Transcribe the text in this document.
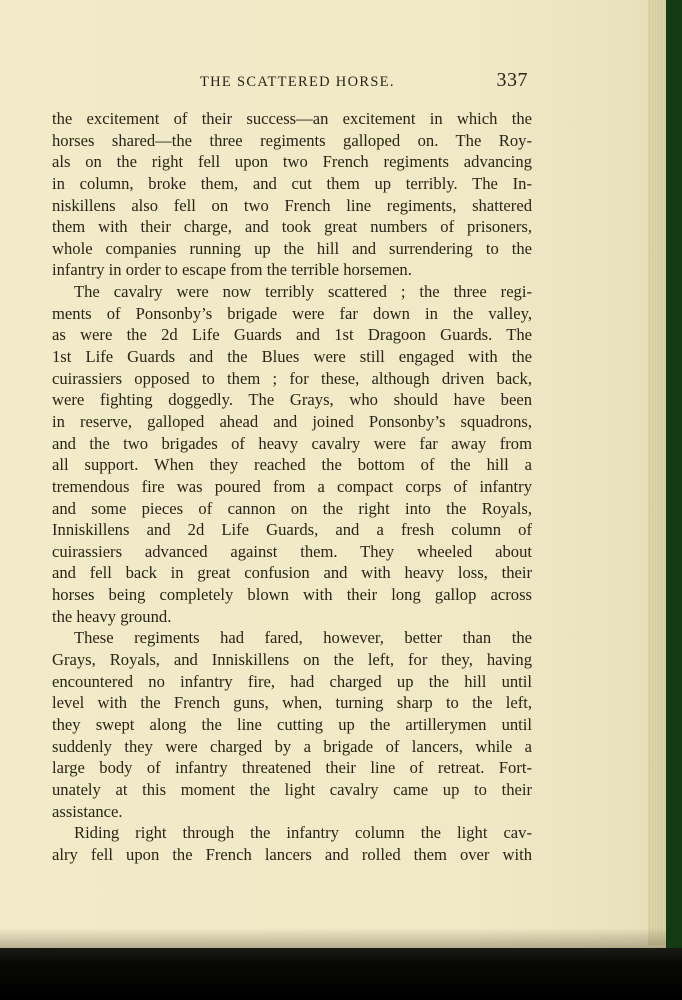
THE SCATTERED HORSE.	337
the excitement of their success—an excitement in which the
horses shared—the three regiments galloped on. The Roy-
als on the right fell upon two French regiments advancing
in column, broke them, and cut them up terribly. The In-
niskillens also fell on two French line regiments, shattered
them with their charge, and took great numbers of prisoners,
whole companies running up the hill and surrendering to the
infantry in order to escape from the terrible horsemen.
The cavalry were now terribly scattered ; the three regi-
ments of Ponsonby’s brigade were far down in the valley,
as were the 2d Life Guards and 1st Dragoon Guards. The
1st Life Guards and the Blues were still engaged with the
cuirassiers opposed to them ; for these, although driven back,
were fighting doggedly. The Grays, who should have been
in reserve, galloped ahead and joined Ponsonby’s squadrons,
and the two brigades of heavy cavalry were far away from
all support. When they reached the bottom of the hill a
tremendous fire was poured from a compact corps of infantry
and some pieces of cannon on the right into the Royals,
Inniskillens and 2d Life Guards, and a fresh column of
cuirassiers advanced against them. They wheeled about
and fell back in great confusion and with heavy loss, their
horses being completely blown with their long gallop across
the heavy ground.
These regiments had fared, however, better than the
Grays, Royals, and Inniskillens on the left, for they, having
encountered no infantry fire, had charged up the hill until
level with the French guns, when, turning sharp to the left,
they swept along the line cutting up the artillerymen until
suddenly they were charged by a brigade of lancers, while a
large body of infantry threatened their line of retreat. Fort-
unately at this moment the light cavalry came up to their
assistance.
Riding right through the infantry column the light cav-
alry fell upon the French lancers and rolled them over with
